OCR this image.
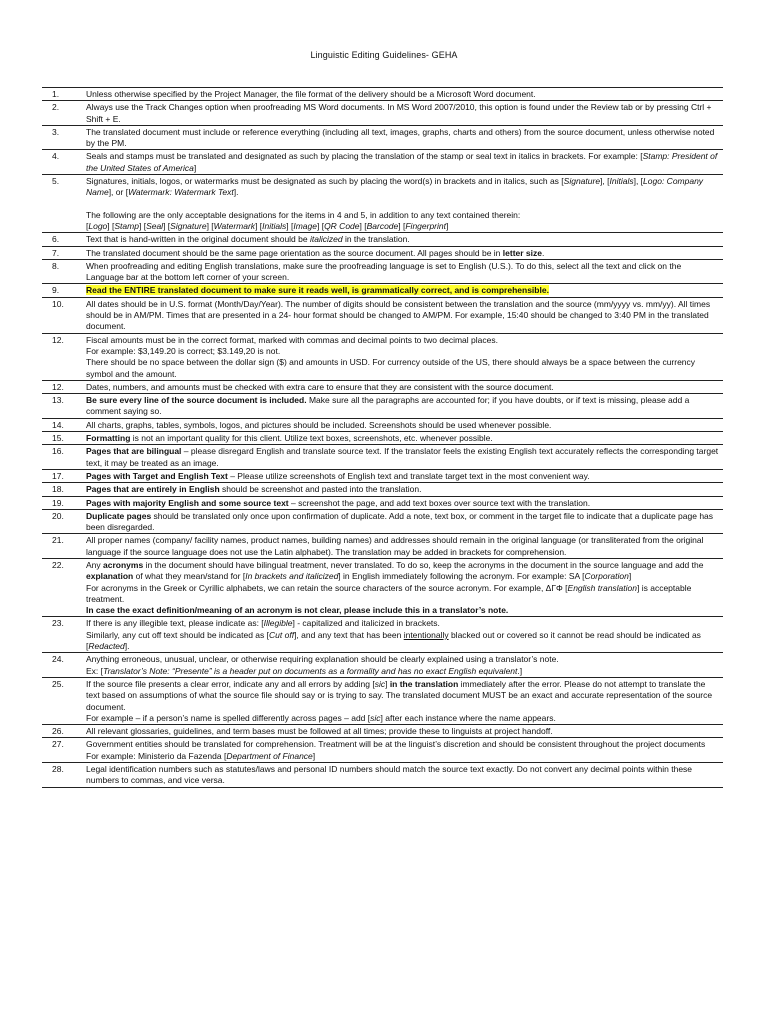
Linguistic Editing Guidelines- GEHA
1.	Unless otherwise specified by the Project Manager, the file format of the delivery should be a Microsoft Word document.
2.	Always use the Track Changes option when proofreading MS Word documents. In MS Word 2007/2010, this option is found under the Review tab or by pressing Ctrl + Shift + E.
3.	The translated document must include or reference everything (including all text, images, graphs, charts and others) from the source document, unless otherwise noted by the PM.
4.	Seals and stamps must be translated and designated as such by placing the translation of the stamp or seal text in italics in brackets. For example: [Stamp: President of the United States of America]
5.	Signatures, initials, logos, or watermarks must be designated as such by placing the word(s) in brackets and in italics, such as [Signature], [Initials], [Logo: Company Name], or [Watermark: Watermark Text].
The following are the only acceptable designations for the items in 4 and 5, in addition to any text contained therein:
[Logo] [Stamp] [Seal] [Signature] [Watermark] [Initials] [Image] [QR Code] [Barcode] [Fingerprint]
6.	Text that is hand-written in the original document should be italicized in the translation.
7.	The translated document should be the same page orientation as the source document. All pages should be in letter size.
8.	When proofreading and editing English translations, make sure the proofreading language is set to English (U.S.). To do this, select all the text and click on the Language bar at the bottom left corner of your screen.
9.	Read the ENTIRE translated document to make sure it reads well, is grammatically correct, and is comprehensible.
10.	All dates should be in U.S. format (Month/Day/Year). The number of digits should be consistent between the translation and the source (mm/yyyy vs. mm/yy). All times should be in AM/PM. Times that are presented in a 24- hour format should be changed to AM/PM. For example, 15:40 should be changed to 3:40 PM in the translated document.
12.	Fiscal amounts must be in the correct format, marked with commas and decimal points to two decimal places.
For example: $3,149.20 is correct; $3.149,20 is not.
There should be no space between the dollar sign ($) and amounts in USD. For currency outside of the US, there should always be a space between the currency symbol and the amount.
12.	Dates, numbers, and amounts must be checked with extra care to ensure that they are consistent with the source document.
13.	Be sure every line of the source document is included. Make sure all the paragraphs are accounted for; if you have doubts, or if text is missing, please add a comment saying so.
14.	All charts, graphs, tables, symbols, logos, and pictures should be included. Screenshots should be used whenever possible.
15.	Formatting is not an important quality for this client. Utilize text boxes, screenshots, etc. whenever possible.
16.	Pages that are bilingual – please disregard English and translate source text. If the translator feels the existing English text accurately reflects the corresponding target text, it may be treated as an image.
17.	Pages with Target and English Text – Please utilize screenshots of English text and translate target text in the most convenient way.
18.	Pages that are entirely in English should be screenshot and pasted into the translation.
19.	Pages with majority English and some source text – screenshot the page, and add text boxes over source text with the translation.
20.	Duplicate pages should be translated only once upon confirmation of duplicate. Add a note, text box, or comment in the target file to indicate that a duplicate page has been disregarded.
21.	All proper names (company/ facility names, product names, building names) and addresses should remain in the original language (or transliterated from the original language if the source language does not use the Latin alphabet). The translation may be added in brackets for comprehension.
22.	Any acronyms in the document should have bilingual treatment, never translated. To do so, keep the acronyms in the document in the source language and add the explanation of what they mean/stand for [In brackets and italicized] in English immediately following the acronym. For example: SA [Corporation]
For acronyms in the Greek or Cyrillic alphabets, we can retain the source characters of the source acronym. For example, ΔΓΦ [English translation] is acceptable treatment.
In case the exact definition/meaning of an acronym is not clear, please include this in a translator’s note.
23.	If there is any illegible text, please indicate as: [Illegible] - capitalized and italicized in brackets.
Similarly, any cut off text should be indicated as [Cut off], and any text that has been intentionally blacked out or covered so it cannot be read should be indicated as [Redacted].
24.	Anything erroneous, unusual, unclear, or otherwise requiring explanation should be clearly explained using a translator’s note.
Ex: [Translator’s Note: “Presente” is a header put on documents as a formality and has no exact English equivalent.]
25.	If the source file presents a clear error, indicate any and all errors by adding [sic] in the translation immediately after the error. Please do not attempt to translate the text based on assumptions of what the source file should say or is trying to say. The translated document MUST be an exact and accurate representation of the source document.
For example – if a person’s name is spelled differently across pages – add [sic] after each instance where the name appears.
26.	All relevant glossaries, guidelines, and term bases must be followed at all times; provide these to linguists at project handoff.
27.	Government entities should be translated for comprehension. Treatment will be at the linguist’s discretion and should be consistent throughout the project documents
For example: Ministerio da Fazenda [Department of Finance]
28.	Legal identification numbers such as statutes/laws and personal ID numbers should match the source text exactly. Do not convert any decimal points within these numbers to commas, and vice versa.
